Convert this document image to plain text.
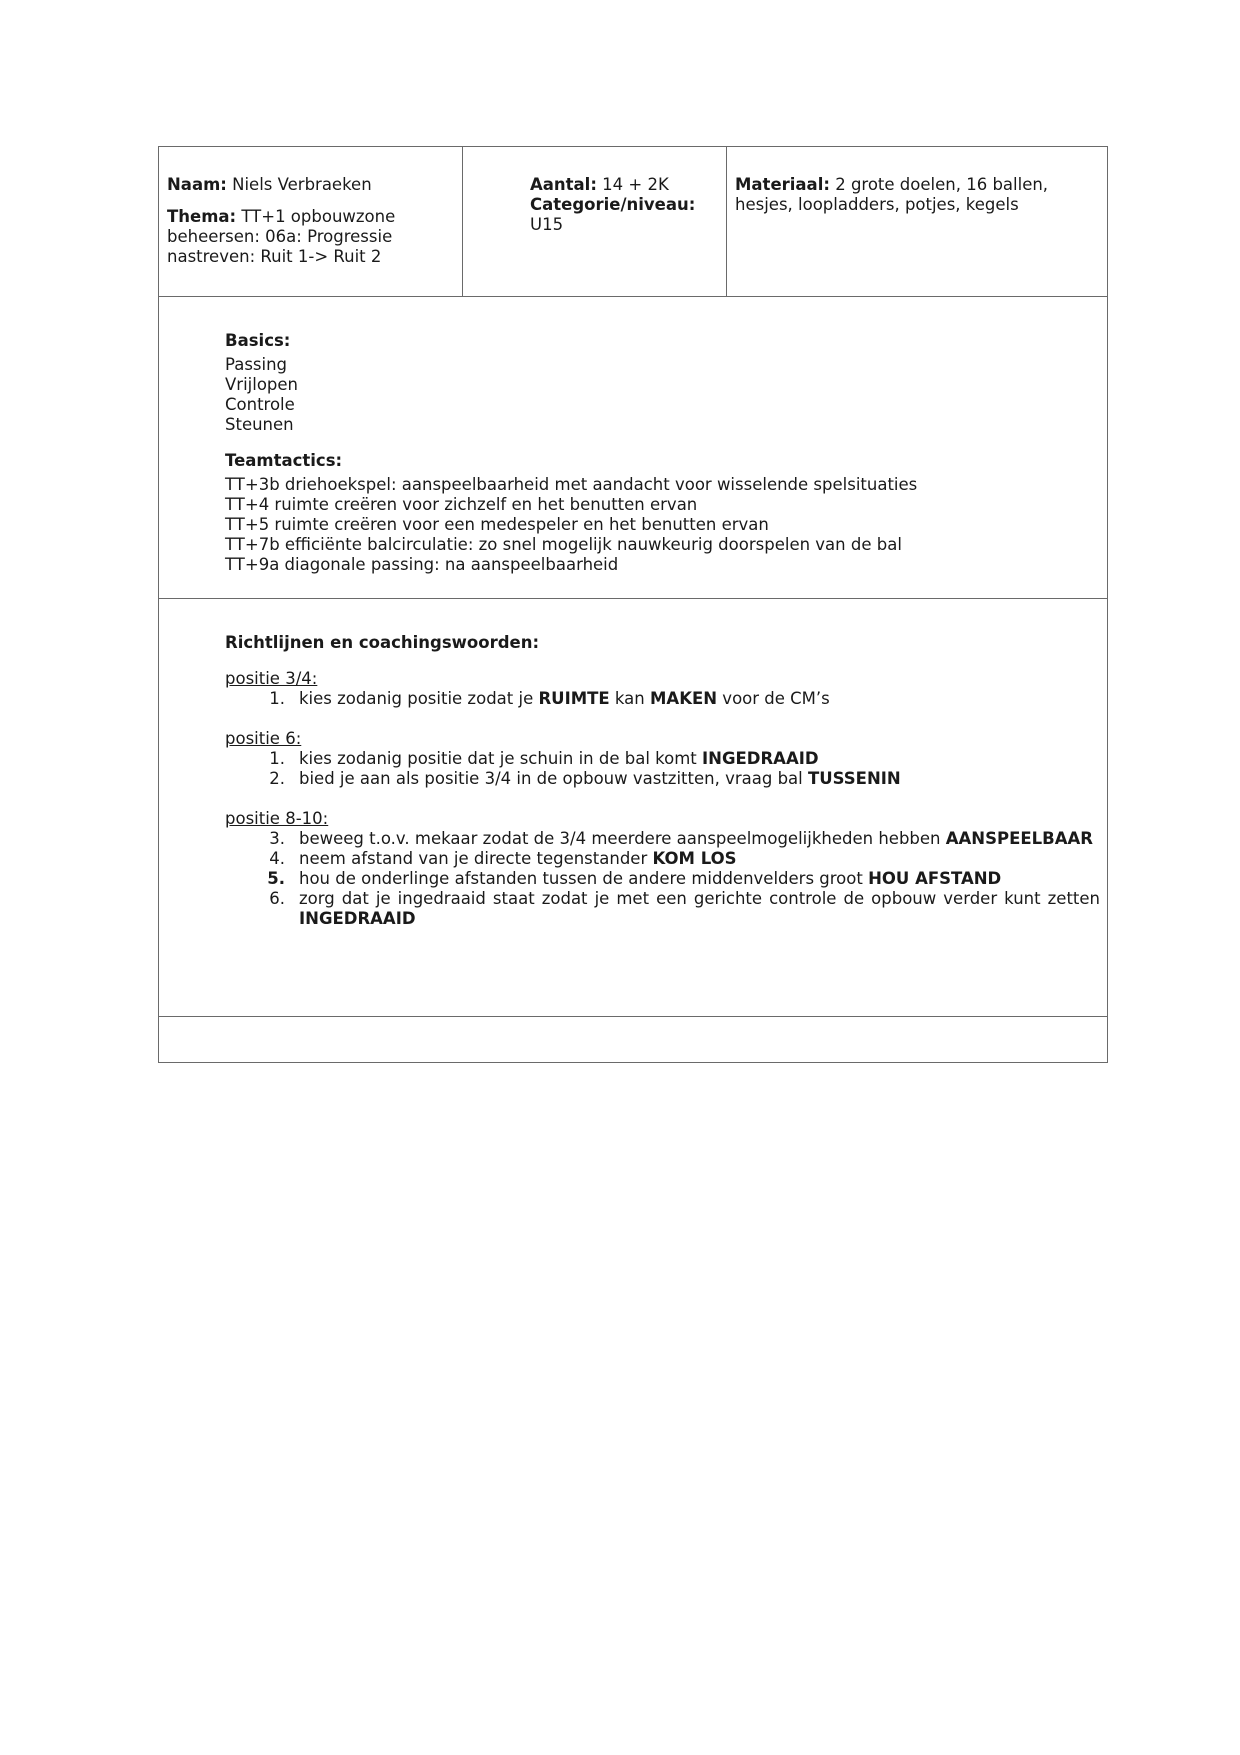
Naam: Niels Verbraeken
Thema: TT+1 opbouwzone beheersen: 06a: Progressie nastreven: Ruit 1-> Ruit 2
Aantal: 14 + 2K
Categorie/niveau:
U15
Materiaal: 2 grote doelen, 16 ballen, hesjes, loopladders, potjes, kegels

Basics:

Passing

Vrijlopen

Controle

Steunen

Teamtactics:

TT+3b driehoekspel: aanspeelbaarheid met aandacht voor wisselende spelsituaties

TT+4 ruimte creëren voor zichzelf en het benutten ervan

TT+5 ruimte creëren voor een medespeler en het benutten ervan

TT+7b efficiënte balcirculatie: zo snel mogelijk nauwkeurig doorspelen van de bal

TT+9a diagonale passing: na aanspeelbaarheid

Richtlijnen en coachingswoorden:

positie 3/4:

1. kies zodanig positie zodat je RUIMTE kan MAKEN voor de CM’s

positie 6:

1. kies zodanig positie dat je schuin in de bal komt INGEDRAAID
2. bied je aan als positie 3/4 in de opbouw vastzitten, vraag bal TUSSENIN

positie 8-10:

3. beweeg t.o.v. mekaar zodat de 3/4 meerdere aanspeelmogelijkheden hebben AANSPEELBAAR
4. neem afstand van je directe tegenstander KOM LOS
5. hou de onderlinge afstanden tussen de andere middenvelders groot HOU AFSTAND
6. zorg dat je ingedraaid staat zodat je met een gerichte controle de opbouw verder kunt zetten INGEDRAAID
